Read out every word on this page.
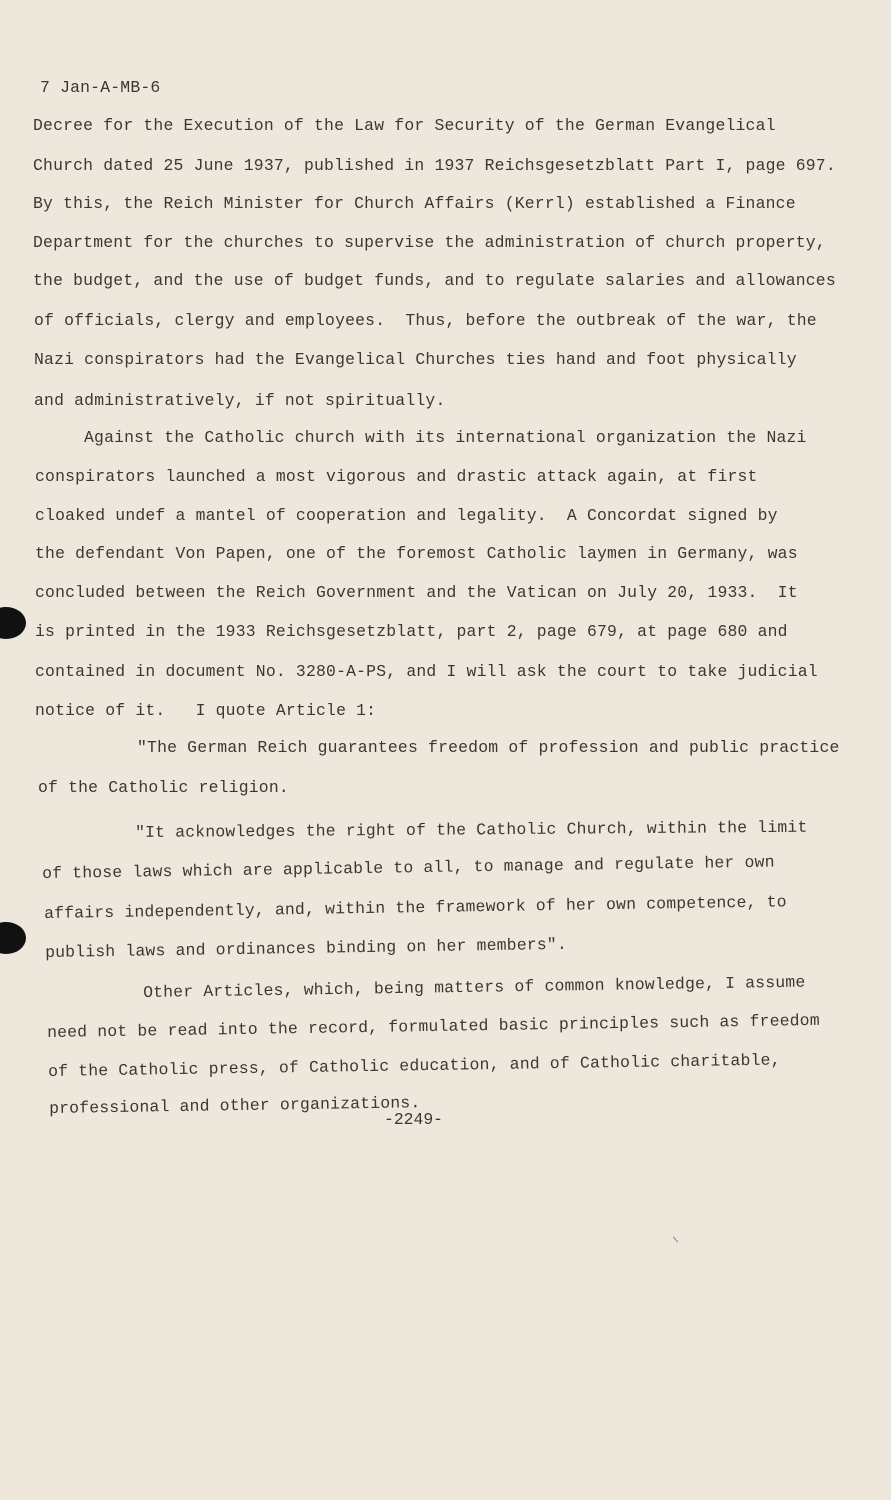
7 Jan-A-MB-6

Decree for the Execution of the Law for Security of the German Evangelical

Church dated 25 June 1937, published in 1937 Reichsgesetzblatt Part I, page 697.

By this, the Reich Minister for Church Affairs (Kerrl) established a Finance

Department for the churches to supervise the administration of church property,

the budget, and the use of budget funds, and to regulate salaries and allowances

of officials, clergy and employees.  Thus, before the outbreak of the war, the

Nazi conspirators had the Evangelical Churches ties hand and foot physically

and administratively, if not spiritually.

Against the Catholic church with its international organization the Nazi

conspirators launched a most vigorous and drastic attack again, at first

cloaked undef a mantel of cooperation and legality.  A Concordat signed by

the defendant Von Papen, one of the foremost Catholic laymen in Germany, was

concluded between the Reich Government and the Vatican on July 20, 1933.  It

is printed in the 1933 Reichsgesetzblatt, part 2, page 679, at page 680 and

contained in document No. 3280-A-PS, and I will ask the court to take judicial

notice of it.   I quote Article 1:

"The German Reich guarantees freedom of profession and public practice

of the Catholic religion.

"It acknowledges the right of the Catholic Church, within the limit

of those laws which are applicable to all, to manage and regulate her own

affairs independently, and, within the framework of her own competence, to

publish laws and ordinances binding on her members".

Other Articles, which, being matters of common knowledge, I assume

need not be read into the record, formulated basic principles such as freedom

of the Catholic press, of Catholic education, and of Catholic charitable,

professional and other organizations.

-2249-
